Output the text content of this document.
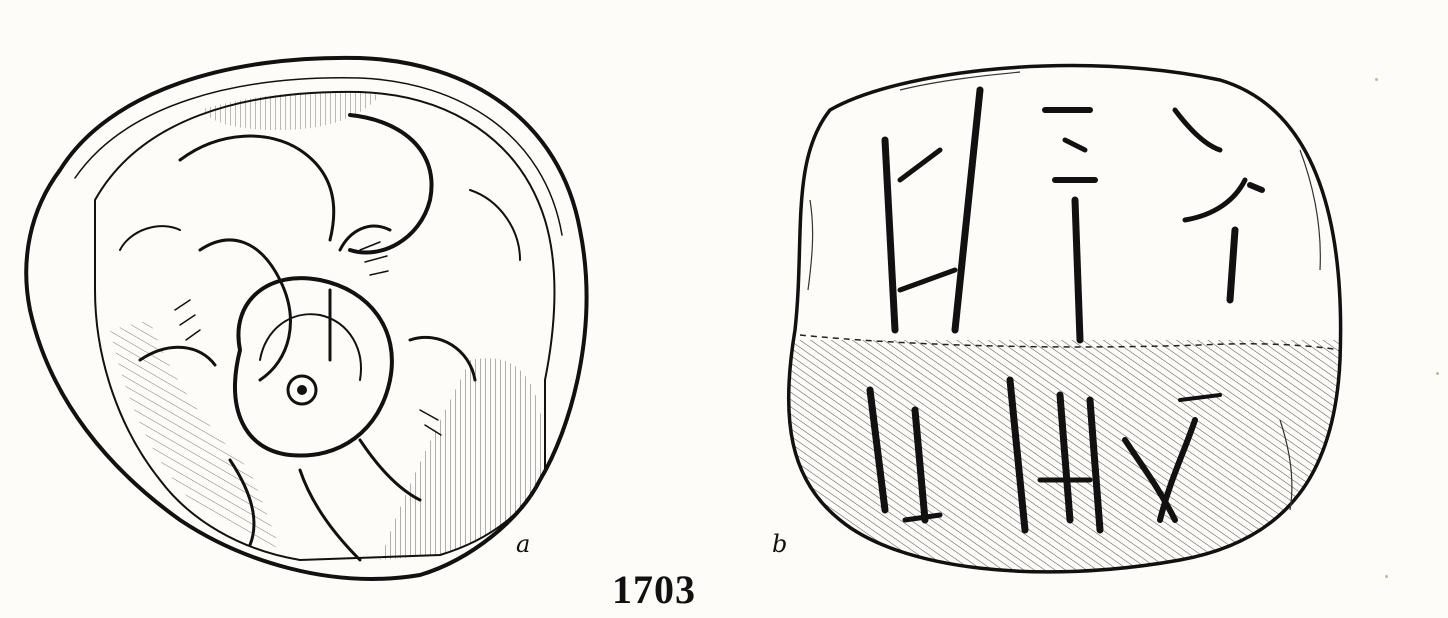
a	b
1703
